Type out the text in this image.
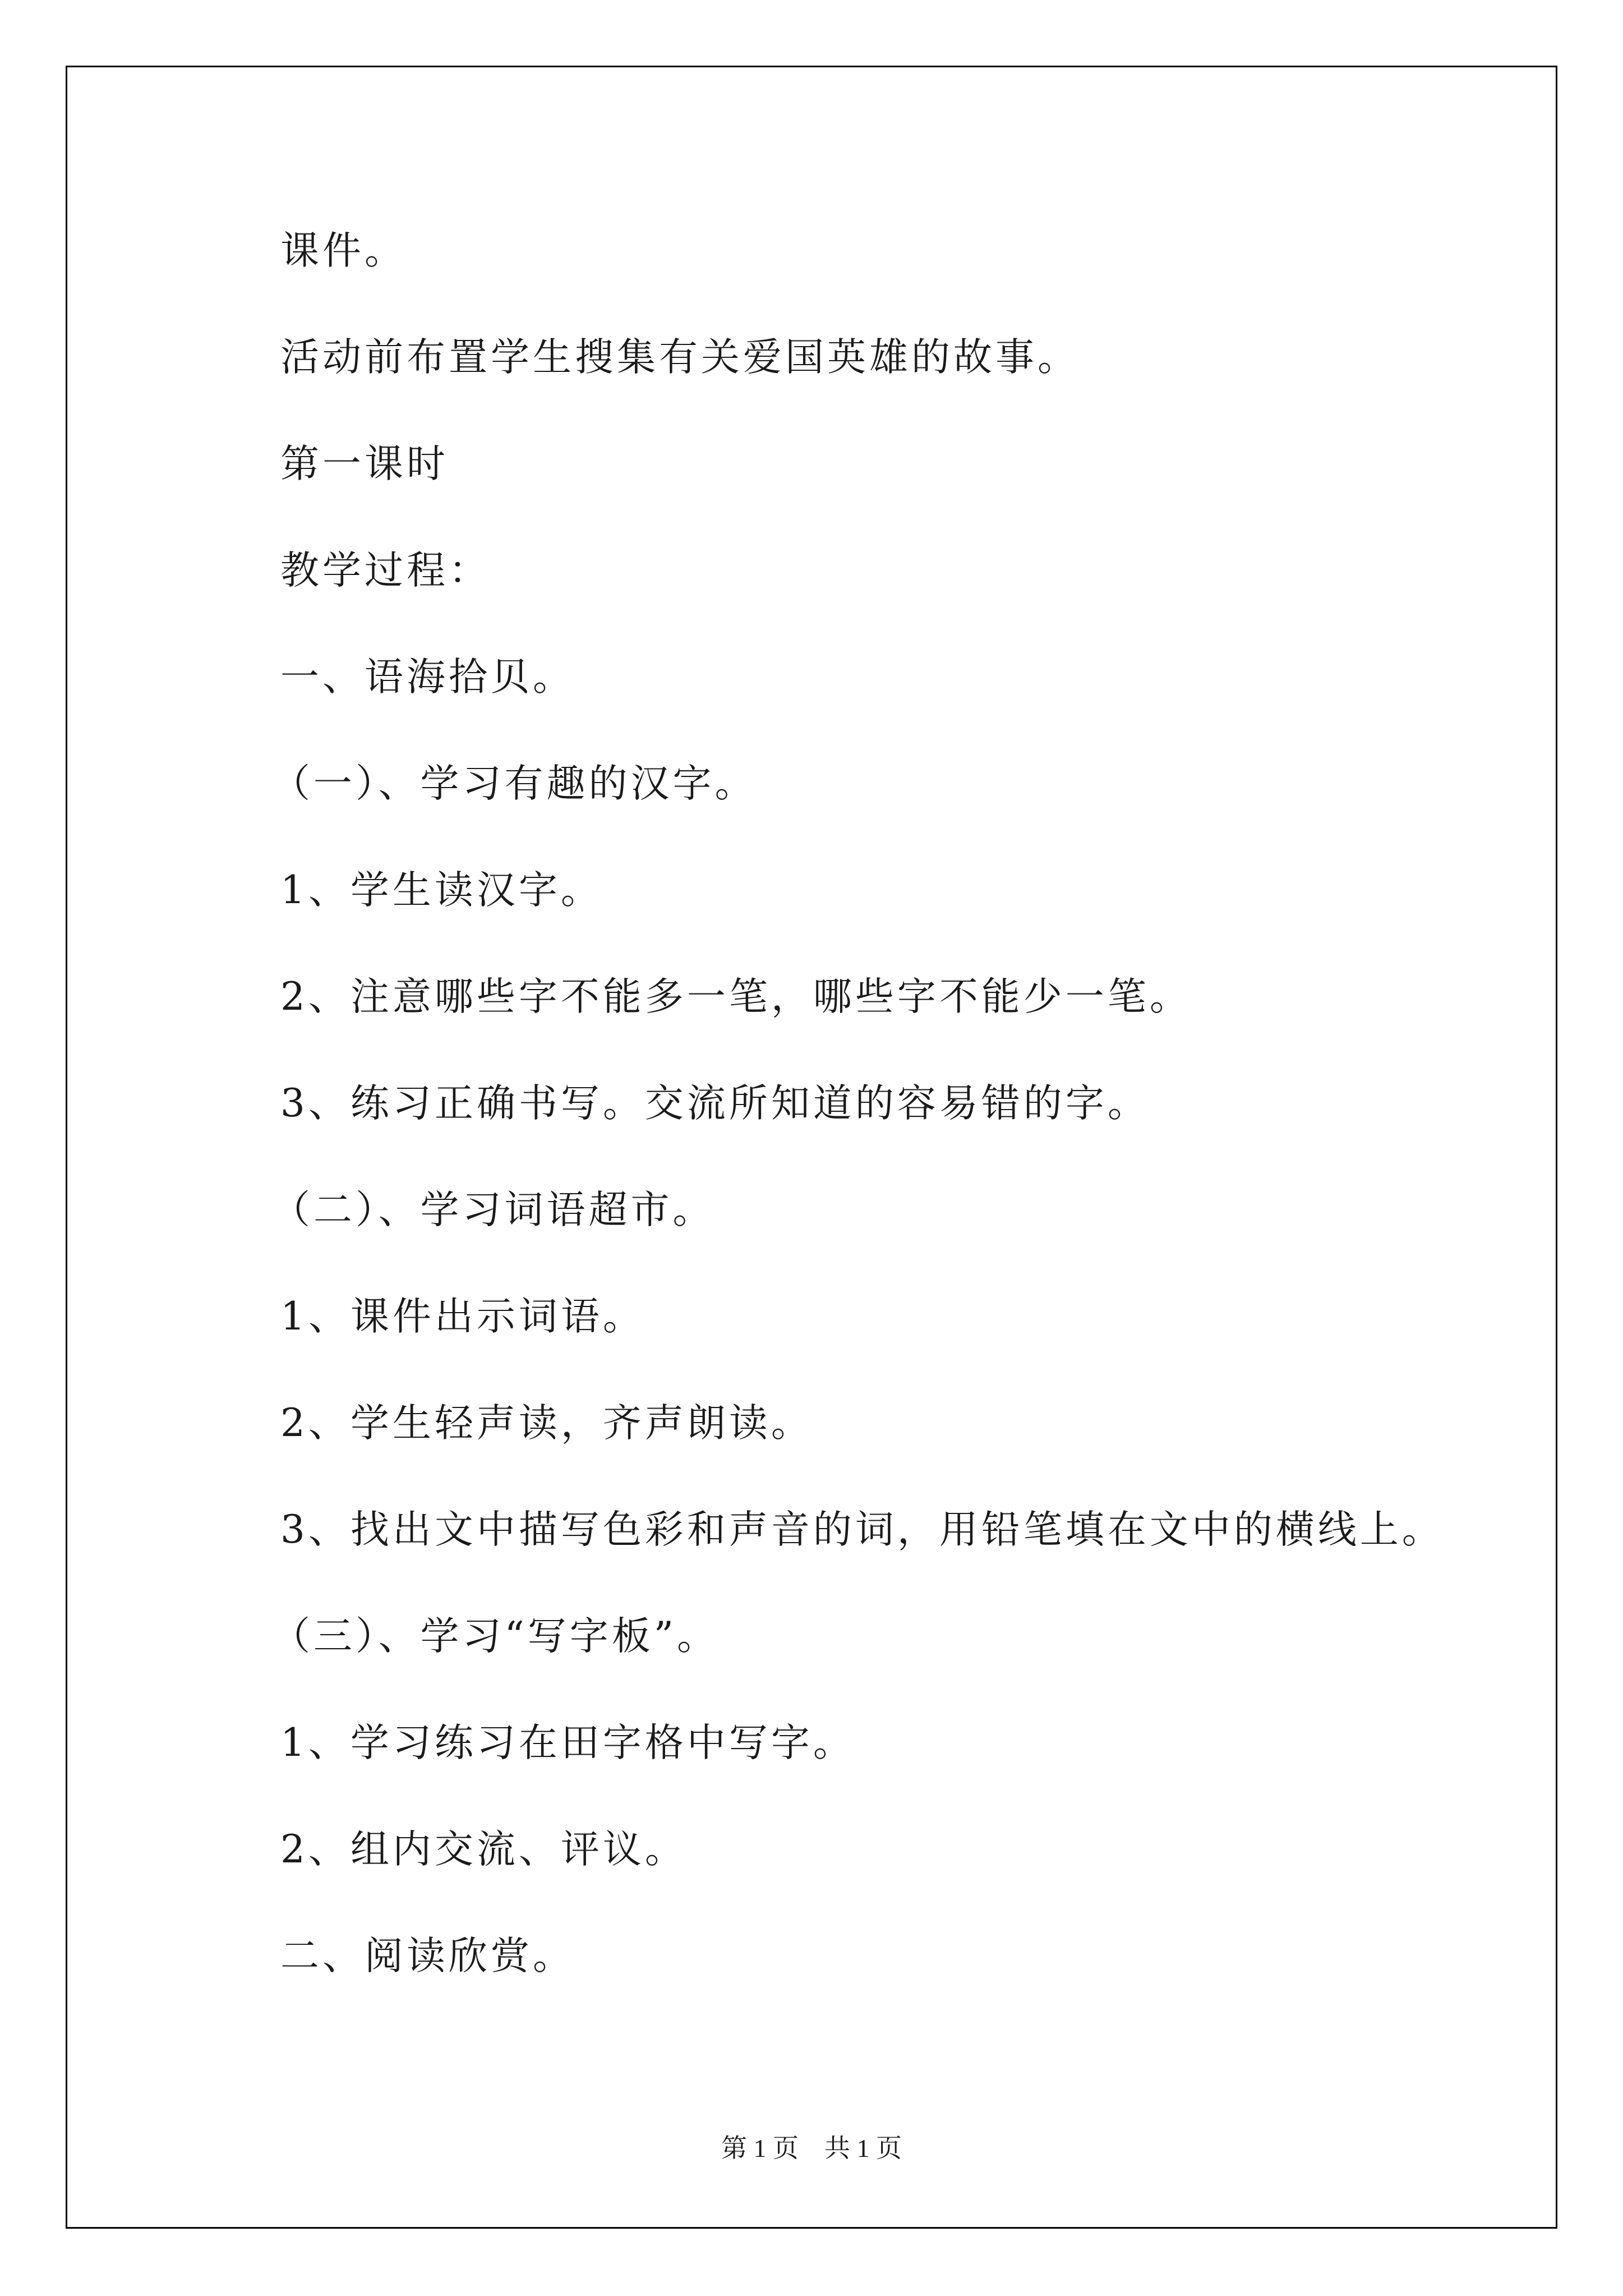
课件。
活动前布置学生搜集有关爱国英雄的故事。
第一课时
教学过程：
一、语海拾贝。
（一）、学习有趣的汉字。
1、学生读汉字。
2、注意哪些字不能多一笔，哪些字不能少一笔。
3、练习正确书写。交流所知道的容易错的字。
（二）、学习词语超市。
1、课件出示词语。
2、学生轻声读，齐声朗读。
3、找出文中描写色彩和声音的词，用铅笔填在文中的横线上。
（三）、学习“写字板”。
1、学习练习在田字格中写字。
2、组内交流、评议。
二、阅读欣赏。
第 1 页　共 1 页
